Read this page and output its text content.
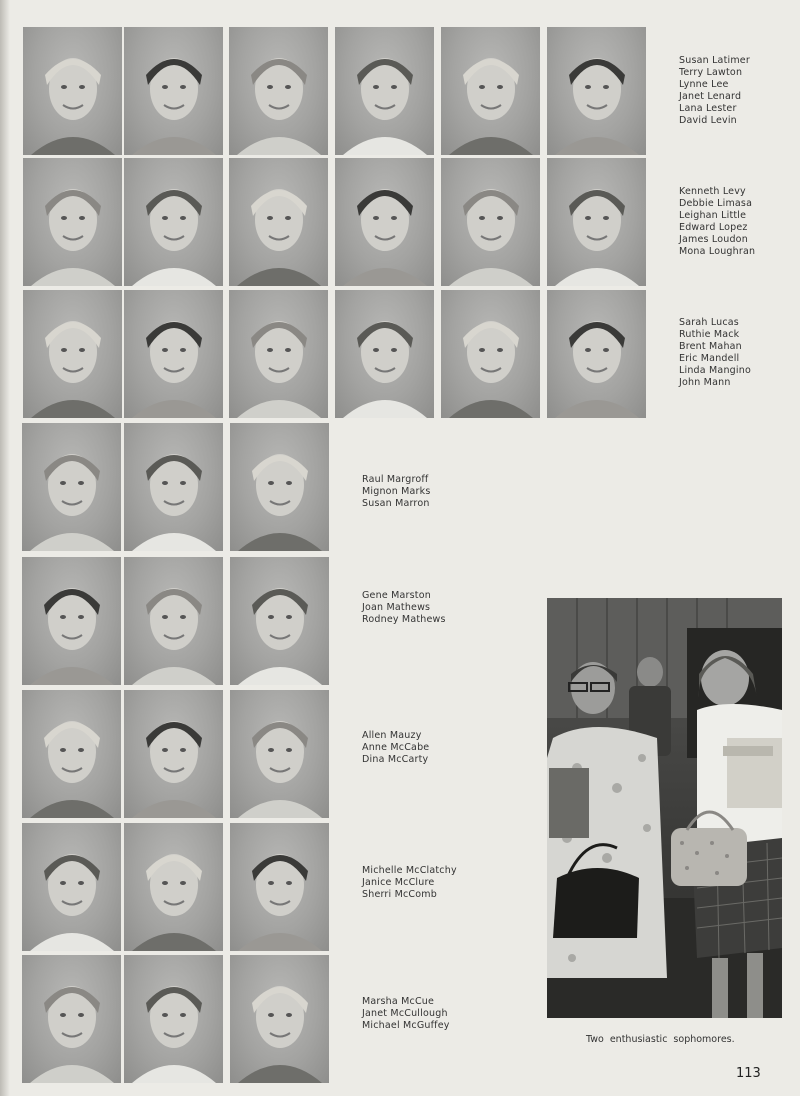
Susan Latimer
Terry Lawton
Lynne Lee
Janet Lenard
Lana Lester
David Levin
Kenneth Levy
Debbie Limasa
Leighan Little
Edward Lopez
James Loudon
Mona Loughran
Sarah Lucas
Ruthie Mack
Brent Mahan
Eric Mandell
Linda Mangino
John Mann
Raul Margroff
Mignon Marks
Susan Marron
Gene Marston
Joan Mathews
Rodney Mathews
Allen Mauzy
Anne McCabe
Dina McCarty
Michelle McClatchy
Janice McClure
Sherri McComb
Marsha McCue
Janet McCullough
Michael McGuffey
Two enthusiastic sophomores.
113
